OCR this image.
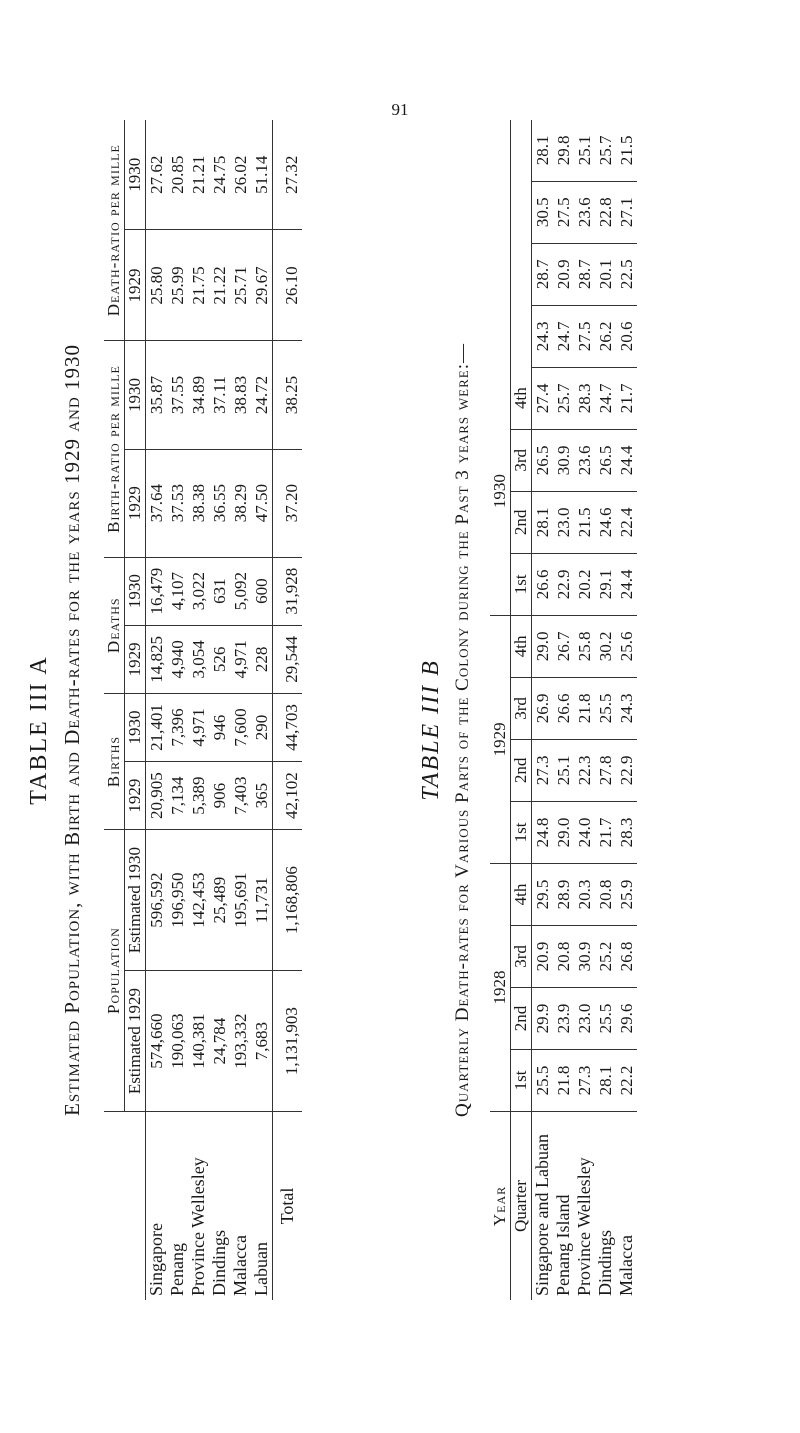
91
TABLE III A Estimated Population, with Birth and Death-rates for the years 1929 and 1930
	Population		Births		Deaths		Birth-ratio per mille		Death-ratio per mille	
	Estimated 1929	Estimated 1930	1929	1930	1929	1930	1929	1930	1929	1930
Singapore	574,660	596,592	20,905	21,401	14,825	16,479	37.64	35.87	25.80	27.62
Penang	190,063	196,950	7,134	7,396	4,940	4,107	37.53	37.55	25.99	20.85
Province Wellesley	140,381	142,453	5,389	4,971	3,054	3,022	38.38	34.89	21.75	21.21
Dindings	24,784	25,489	906	946	526	631	36.55	37.11	21.22	24.75
Malacca	193,332	195,691	7,403	7,600	4,971	5,092	38.29	38.83	25.71	26.02
Labuan	7,683	11,731	365	290	228	600	47.50	24.72	29.67	51.14
Total	1,131,903	1,168,806	42,102	44,703	29,544	31,928	37.20	38.25	26.10	27.32
TABLE III B Quarterly Death-rates for Various Parts of the Colony during the Past 3 years were:—
Year	1928				1929				1930							
Quarter	1st	2nd	3rd	4th	1st	2nd	3rd	4th	1st	2nd	3rd	4th				
Singapore and Labuan	25.5	29.9	20.9	29.5	24.8	27.3	26.9	29.0	26.6	28.1	26.5	27.4	24.3	28.7	30.5	28.1
Penang Island	21.8	23.9	20.8	28.9	29.0	25.1	26.6	26.7	22.9	23.0	30.9	25.7	24.7	20.9	27.5	29.8
Province Wellesley	27.3	23.0	30.9	20.3	24.0	22.3	21.8	25.8	20.2	21.5	23.6	28.3	27.5	28.7	23.6	25.1
Dindings	28.1	25.5	25.2	20.8	21.7	27.8	25.5	30.2	29.1	24.6	26.5	24.7	26.2	20.1	22.8	25.7
Malacca	22.2	29.6	26.8	25.9	28.3	22.9	24.3	25.6	24.4	22.4	24.4	21.7	20.6	22.5	27.1	21.5
